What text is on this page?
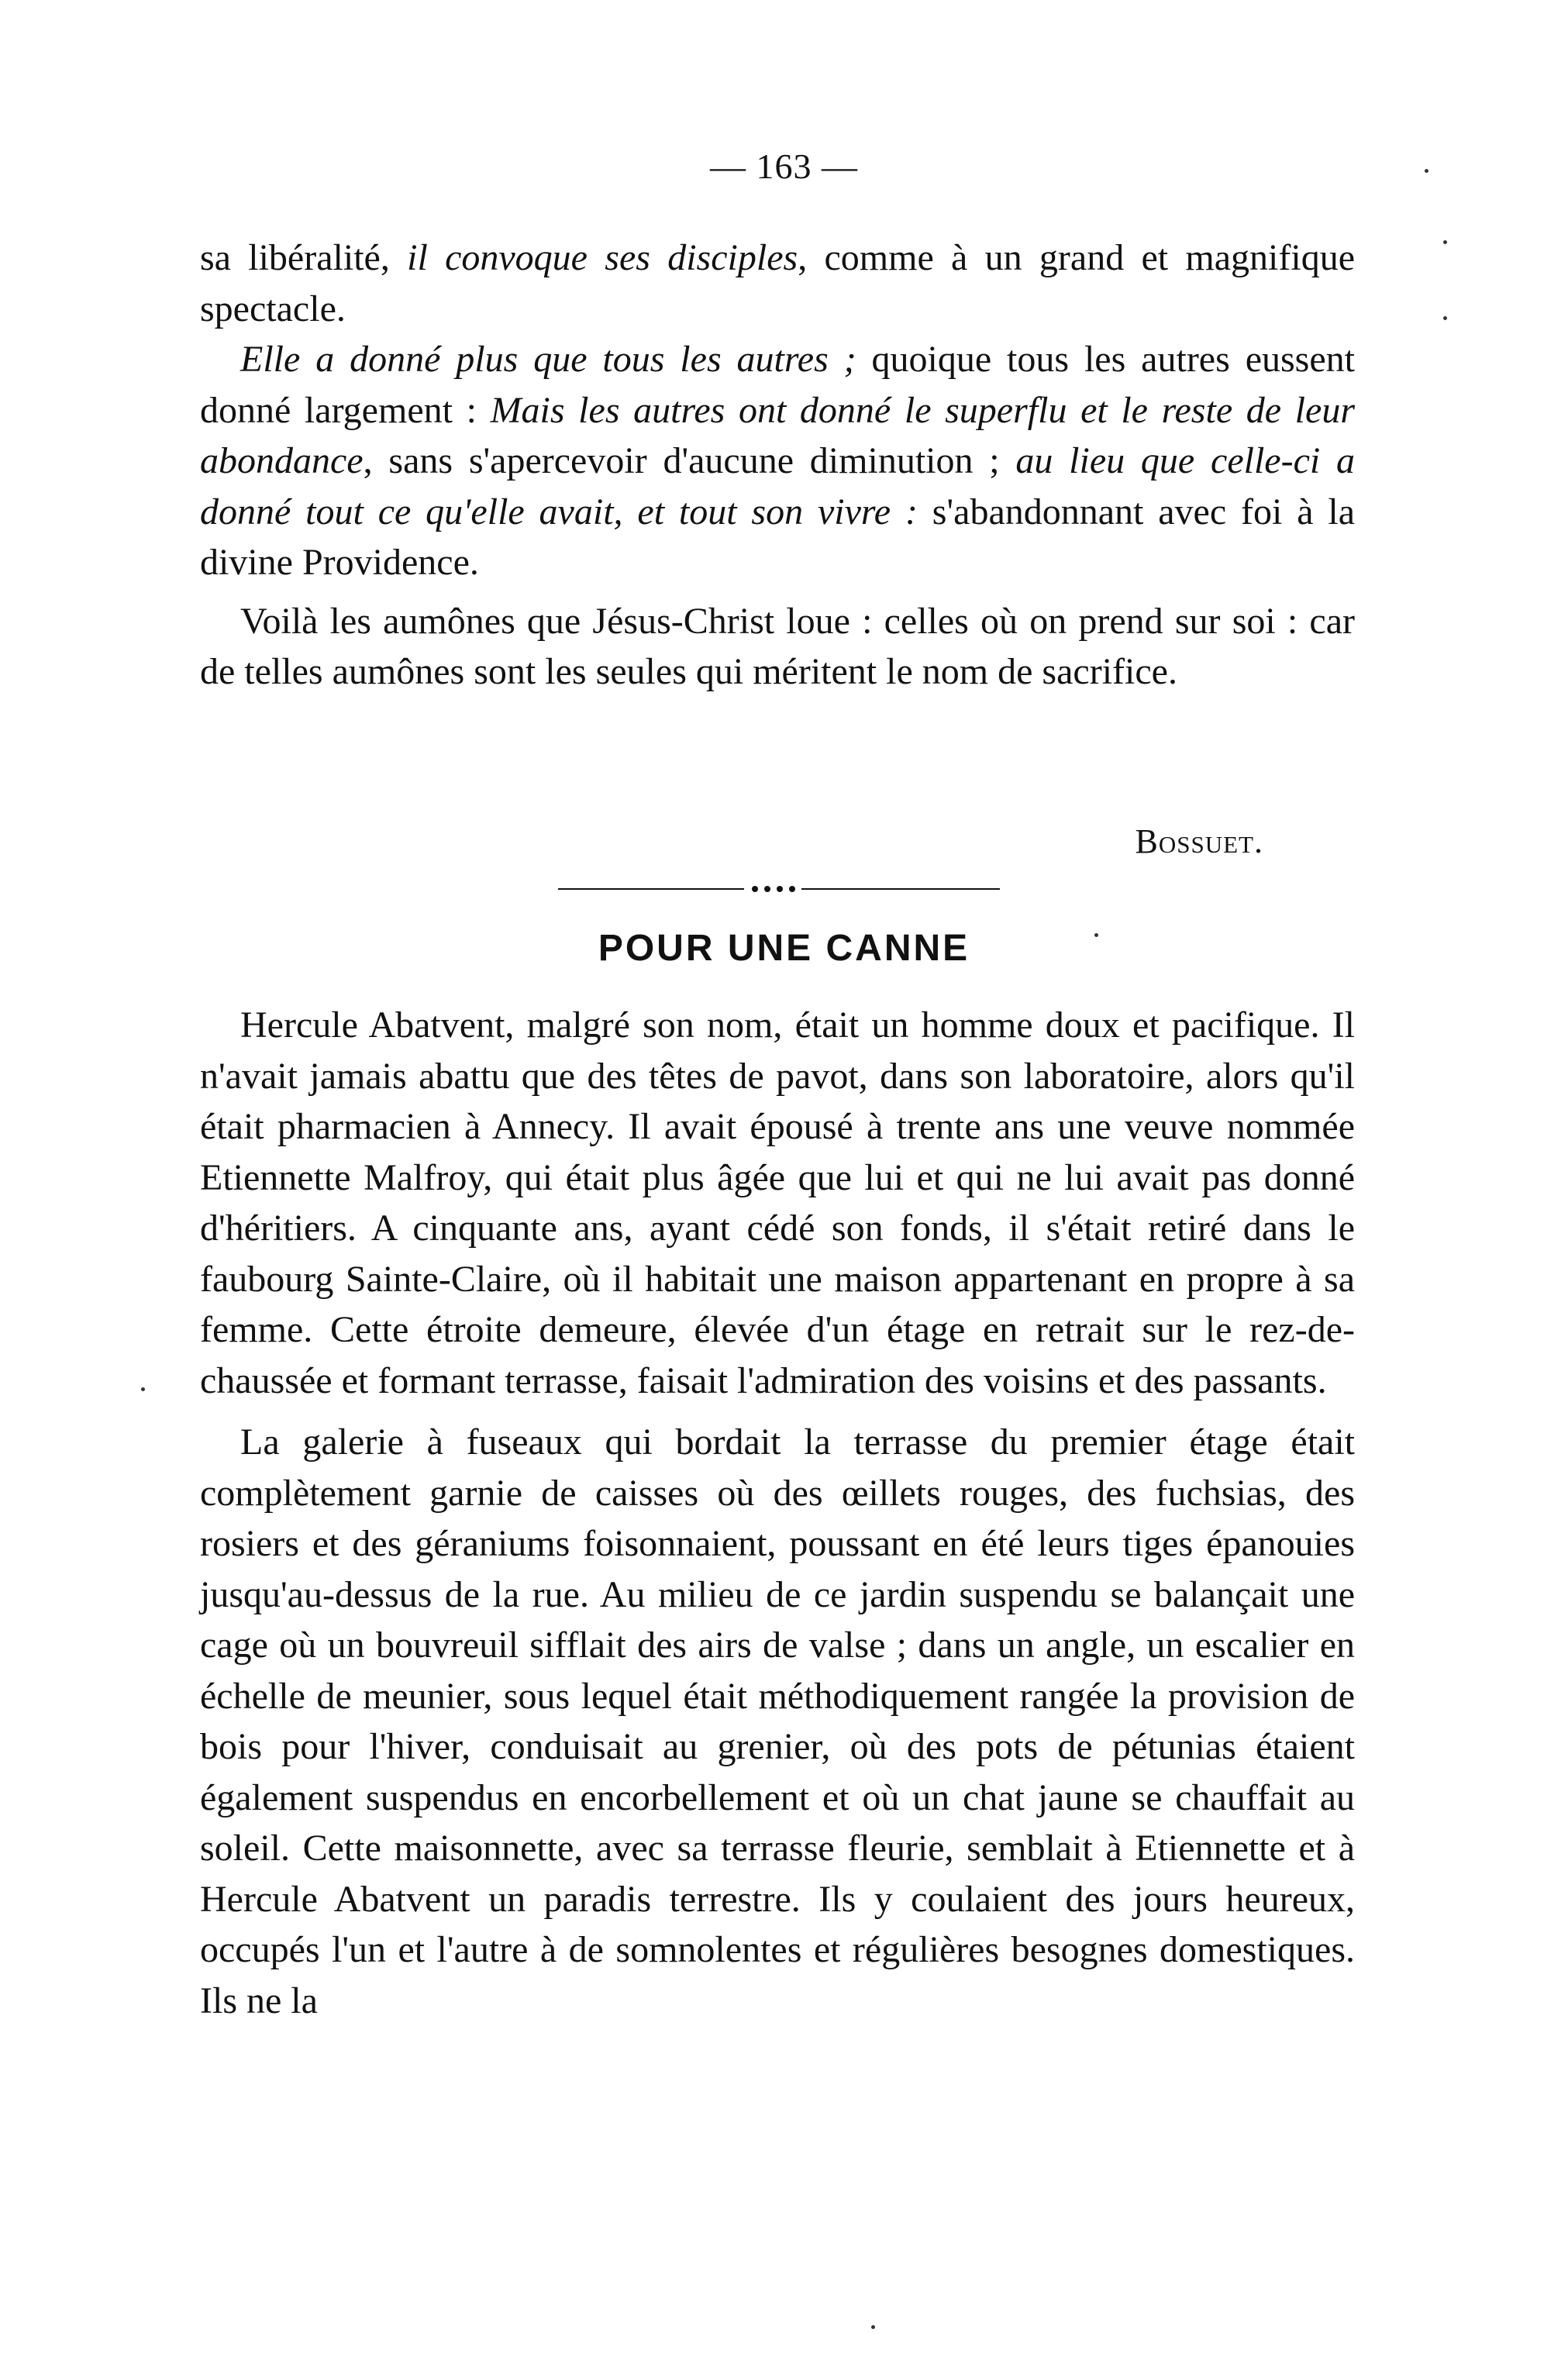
— 163 —

sa libéralité, il convoque ses disciples, comme à un grand et magnifique spectacle.

Elle a donné plus que tous les autres ; quoique tous les autres eussent donné largement : Mais les autres ont donné le superflu et le reste de leur abondance, sans s'apercevoir d'aucune diminution ; au lieu que celle-ci a donné tout ce qu'elle avait, et tout son vivre : s'abandonnant avec foi à la divine Providence.

Voilà les aumônes que Jésus-Christ loue : celles où on prend sur soi : car de telles aumônes sont les seules qui méritent le nom de sacrifice.

Bossuet.
POUR UNE CANNE

Hercule Abatvent, malgré son nom, était un homme doux et pacifique. Il n'avait jamais abattu que des têtes de pavot, dans son laboratoire, alors qu'il était pharmacien à Annecy. Il avait épousé à trente ans une veuve nommée Etiennette Malfroy, qui était plus âgée que lui et qui ne lui avait pas donné d'héritiers. A cinquante ans, ayant cédé son fonds, il s'était retiré dans le faubourg Sainte-Claire, où il habitait une maison appartenant en propre à sa femme. Cette étroite demeure, élevée d'un étage en retrait sur le rez-de-chaussée et formant terrasse, faisait l'admiration des voisins et des passants.

La galerie à fuseaux qui bordait la terrasse du premier étage était complètement garnie de caisses où des œillets rouges, des fuchsias, des rosiers et des géraniums foisonnaient, poussant en été leurs tiges épanouies jusqu'au-dessus de la rue. Au milieu de ce jardin suspendu se balançait une cage où un bouvreuil sifflait des airs de valse ; dans un angle, un escalier en échelle de meunier, sous lequel était méthodiquement rangée la provision de bois pour l'hiver, conduisait au grenier, où des pots de pétunias étaient également suspendus en encorbellement et où un chat jaune se chauffait au soleil. Cette maisonnette, avec sa terrasse fleurie, semblait à Etiennette et à Hercule Abatvent un paradis terrestre. Ils y coulaient des jours heureux, occupés l'un et l'autre à de somnolentes et régulières besognes domestiques. Ils ne la
